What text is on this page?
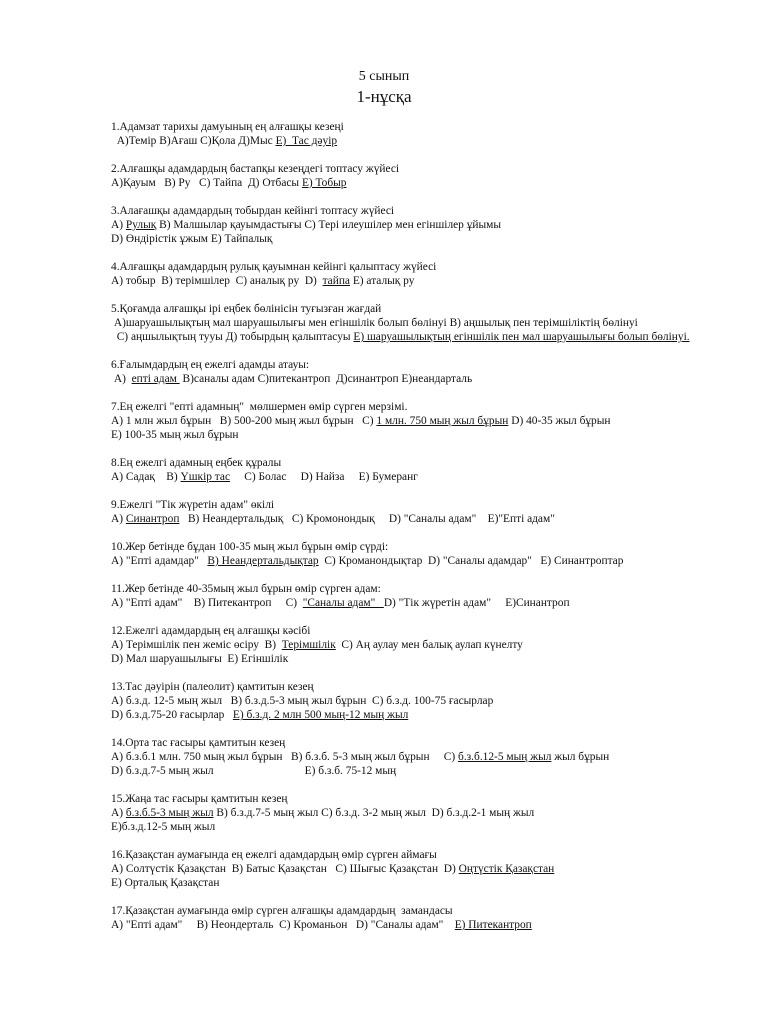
5 сынып
1-нұсқа
1.Адамзат тарихы дамуының ең алғашқы кезеңі
А)Темір В)Ағаш С)Қола Д)Мыс Е)  Тас дәуір
2.Алғашқы адамдардың бастапқы кезеңдегі топтасу жүйесі
А)Қауым   В) Ру   С) Тайпа  Д) Отбасы Е) Тобыр
3.Алағашқы адамдардың тобырдан кейінгі топтасу жүйесі
А) Рулық В) Малшылар қауымдастығы С) Тері илеушілер мен егіншілер ұйымы
D) Өндірістік ұжым Е) Тайпалық
4.Алғашқы адамдардың рулық қауымнан кейінгі қалыптасу жүйесі
А) тобыр  В) терімшілер  С) аналық ру  D)  тайпа Е) аталық ру
5.Қоғамда алғашқы ірі еңбек бөлінісін туғызған жағдай
А)шаруашылықтың мал шаруашылығы мен егіншілік болып бөлінуі В) аңшылық пен терімшіліктің бөлінуі
С) аңшылықтың тууы Д) тобырдың қалыптасуы Е) шаруашылықтың егіншілік пен мал шаруашылығы болып бөлінуі.
6.Ғалымдардың ең ежелгі адамды атауы:
А)  епті адам  В)саналы адам С)питекантроп  Д)синантроп Е)неандарталь
7.Ең ежелгі "епті адамның"  мөлшермен өмір сүрген мерзімі.
А) 1 млн жыл бұрын   В) 500-200 мың жыл бұрын   С) 1 млн. 750 мың жыл бұрын D) 40-35 жыл бұрын
Е) 100-35 мың жыл бұрын
8.Ең ежелгі адамның еңбек құралы
А) Садақ    В) Үшкір тас     С) Болас     D) Найза     Е) Бумеранг
9.Ежелгі "Тік жүретін адам" өкілі
А) Синантроп   В) Неандертальдық   С) Кромонондық     D) "Саналы адам"    Е)"Епті адам"
10.Жер бетінде бұдан 100-35 мың жыл бұрын өмір сүрді:
А) "Епті адамдар"   В) Неандертальдықтар  С) Кроманондықтар  D) "Саналы адамдар"   Е) Синантроптар
11.Жер бетінде 40-35мың жыл бұрын өмір сүрген адам:
А) "Епті адам"    В) Питекантроп     С)  "Саналы адам"   D) "Тік жүретін адам"     Е)Синантроп
12.Ежелгі адамдардың ең алғашқы кәсібі
А) Терімшілік пен жеміс өсіру  В)  Терімшілік  С) Аң аулау мен балық аулап күнелту
D) Мал шаруашылығы  Е) Егіншілік
13.Тас дәуірін (палеолит) қамтитын кезең
А) б.з.д. 12-5 мың жыл   В) б.з.д.5-3 мың жыл бұрын  С) б.з.д. 100-75 ғасырлар
D) б.з.д.75-20 ғасырлар   Е) б.з.д. 2 млн 500 мың-12 мың жыл
14.Орта тас ғасыры қамтитын кезең
А) б.з.б.1 млн. 750 мың жыл бұрын   В) б.з.б. 5-3 мың жыл бұрын     С) б.з.б.12-5 мың жыл жыл бұрын
D) б.з.д.7-5 мың жыл                                Е) б.з.б. 75-12 мың
15.Жаңа тас ғасыры қамтитын кезең
А) б.з.б.5-3 мың жыл В) б.з.д.7-5 мың жыл С) б.з.д. 3-2 мың жыл  D) б.з.д.2-1 мың жыл
Е)б.з.д.12-5 мың жыл
16.Қазақстан аумағында ең ежелгі адамдардың өмір сүрген аймағы
А) Солтүстік Қазақстан  В) Батыс Қазақстан   С) Шығыс Қазақстан  D) Оңтүстік Қазақстан
Е) Орталық Қазақстан
17.Қазақстан аумағында өмір сүрген алғашқы адамдардың  замандасы
А) "Епті адам"     В) Неондерталь  С) Кроманьон   D) "Саналы адам"    Е) Питекантроп
